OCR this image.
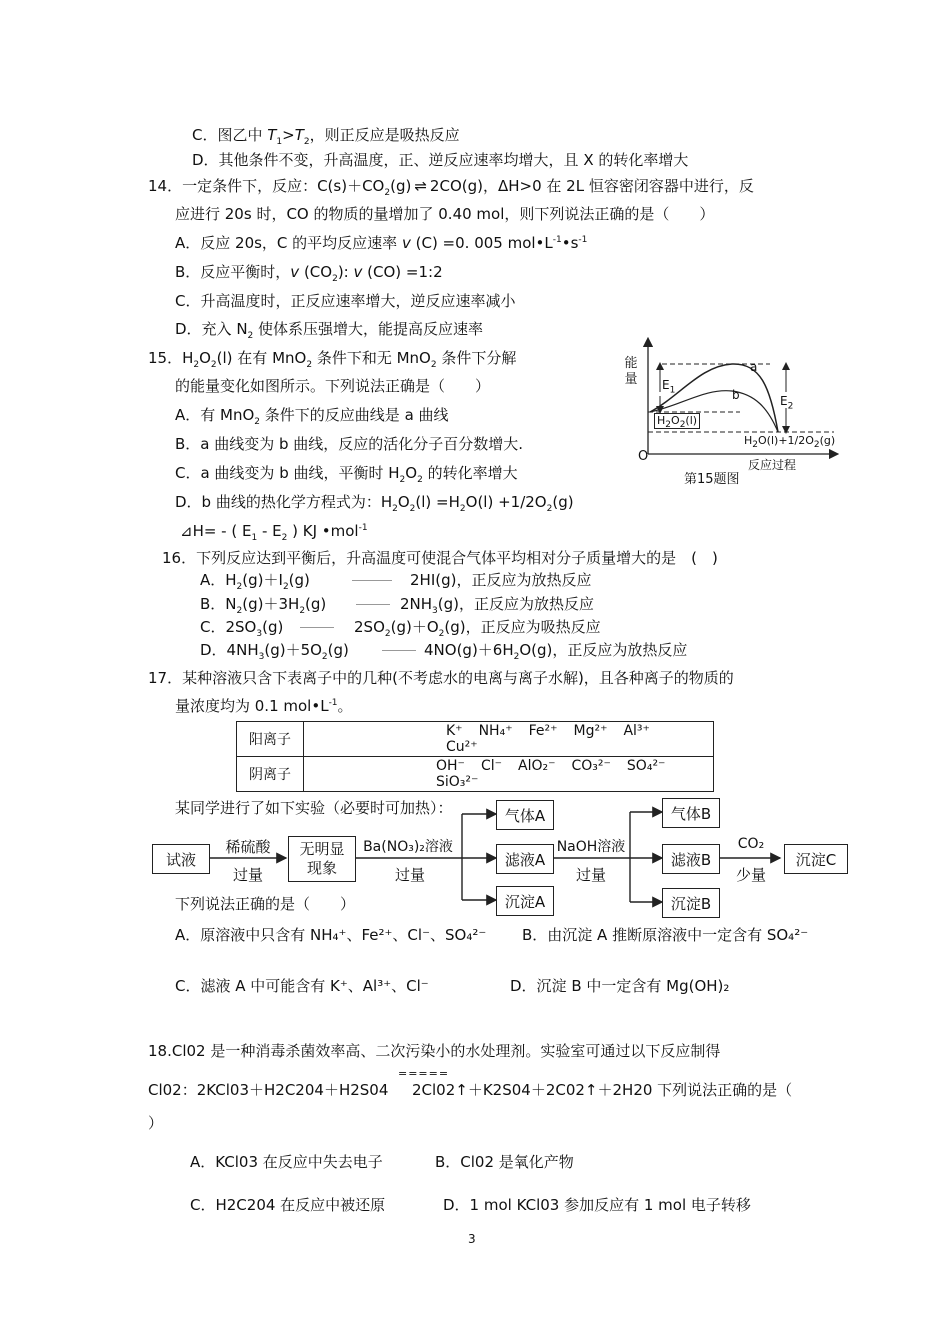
C．图乙中 $T_1>T_2$，则正反应是吸热反应
D．其他条件不变，升高温度，正、逆反应速率均增大，且 X 的转化率增大
14．一定条件下，反应：$C(s)+CO_2(g)$ ⇌ 2CO(g)，ΔH>0 在 2L 恒容密闭容器中进行，反
应进行 20s 时，CO 的物质的量增加了 0.40 mol，则下列说法正确的是（　　）
A．反应 20s，C 的平均反应速率 v (C) =0. 005 $mol•L^{-1}•s^{-1}$
B．反应平衡时，v $(CO_2)$: v (CO) =1:2
C．升高温度时，正反应速率增大，逆反应速率减小
D．充入 $N_2$ 使体系压强增大，能提高反应速率
15．$H_2O_2(l)$ 在有 MnO$_2$ 条件下和无 MnO$_2$ 条件下分解
的能量变化如图所示。下列说法正确是（　　）
A．有 MnO$_2$ 条件下的反应曲线是 a 曲线
B．a 曲线变为 b 曲线，反应的活化分子百分数增大.
C．a 曲线变为 b 曲线，平衡时 $H_2O_2$ 的转化率增大
D．b 曲线的热化学方程式为：$H_2O_2(l) =H_2O(l) +1/2O_2(g)$
⊿H= - ( $E_1 - E_2$ ) KJ •mol$^{-1}$
能量
O
反应过程
a
b
$E_1$
$E_2$
$H_2O_2(l)$
$H_2O(l)+1/2O_2(g)$
第15题图
16．下列反应达到平衡后，升高温度可使混合气体平均相对分子质量增大的是　(　)
A．$H_2(g)+I_2(g)$	2HI(g)，正反应为放热反应
B．$N_2(g)+3H_2(g)$	$2NH_3(g)$，正反应为放热反应
C．$2SO_3(g)$	$2SO_2(g)+O_2(g)$，正反应为吸热反应
D．$4NH_3(g)+5O_2(g)$	$4NO(g)+6H_2O(g)$，正反应为放热反应
17．某种溶液只含下表离子中的几种(不考虑水的电离与离子水解)，且各种离子的物质的
量浓度均为 0.1 $mol•L^{-1}$。
阳离子	K⁺ NH₄⁺ Fe²⁺ Mg²⁺ Al³⁺Cu²⁺
阴离子	OH⁻ Cl⁻ AlO₂⁻ CO₃²⁻ SO₄²⁻SiO₃²⁻
某同学进行了如下实验（必要时可加热）：
试液
稀硫酸
过量
无明显
现象
Ba(NO₃)₂溶液
过量
气体A
滤液A
沉淀A
NaOH溶液
过量
气体B
滤液B
沉淀B
CO₂
少量
沉淀C
下列说法正确的是（　　）
A．原溶液中只含有 NH₄⁺、Fe²⁺、Cl⁻、SO₄²⁻ B．由沉淀 A 推断原溶液中一定含有 SO₄²⁻
C．滤液 A 中可能含有 K⁺、Al³⁺、Cl⁻	D．沉淀 B 中一定含有 Mg(OH)₂
18.Cl02 是一种消毒杀菌效率高、二次污染小的水处理剂。实验室可通过以下反应制得
Cl02：2KCl03＋H2C204＋H2S04
=====
2Cl02↑＋K2S04＋2C02↑＋2H20 下列说法正确的是（
）
A．KCl03 在反应中失去电子	B．Cl02 是氧化产物
C．H2C204 在反应中被还原	D．1 mol KCl03 参加反应有 1 mol 电子转移
3
